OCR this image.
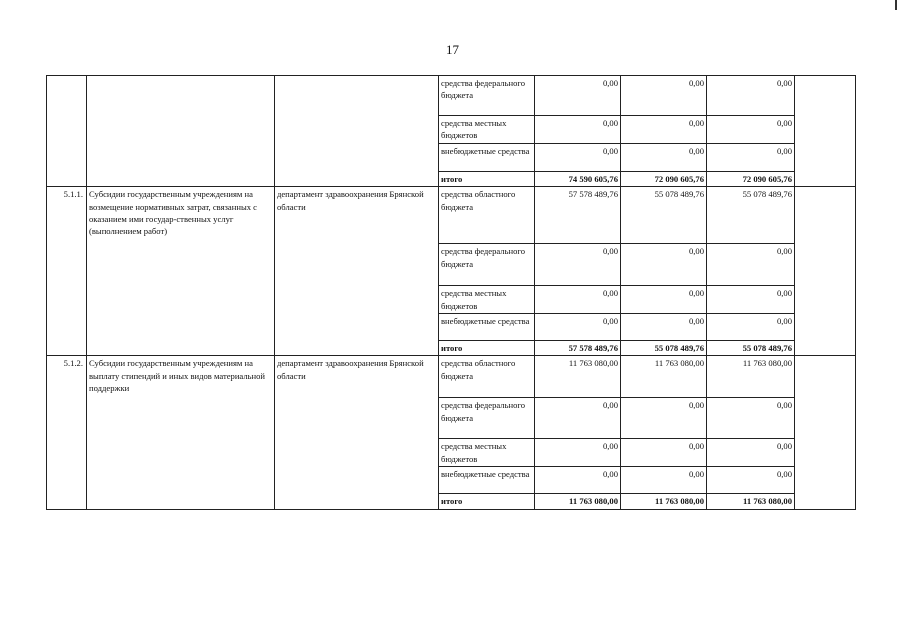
17
			средства федерального бюджета	0,00	0,00	0,00	
			средства местных бюджетов	0,00	0,00	0,00	
			внебюджетные средства	0,00	0,00	0,00	
			итого	74 590 605,76	72 090 605,76	72 090 605,76	
5.1.1.	Субсидии государственным учреждениям на возмещение нормативных затрат, связанных с оказанием ими государ-ственных услуг (выполнением работ)	департамент здравоохранения Брянской области	средства областного бюджета	57 578 489,76	55 078 489,76	55 078 489,76	
			средства федерального бюджета	0,00	0,00	0,00	
			средства местных бюджетов	0,00	0,00	0,00	
			внебюджетные средства	0,00	0,00	0,00	
			итого	57 578 489,76	55 078 489,76	55 078 489,76	
5.1.2.	Субсидии государственным учреждениям на выплату стипендий и иных видов материальной поддержки	департамент здравоохранения Брянской области	средства областного бюджета	11 763 080,00	11 763 080,00	11 763 080,00	
			средства федерального бюджета	0,00	0,00	0,00	
			средства местных бюджетов	0,00	0,00	0,00	
			внебюджетные средства	0,00	0,00	0,00	
			итого	11 763 080,00	11 763 080,00	11 763 080,00	
